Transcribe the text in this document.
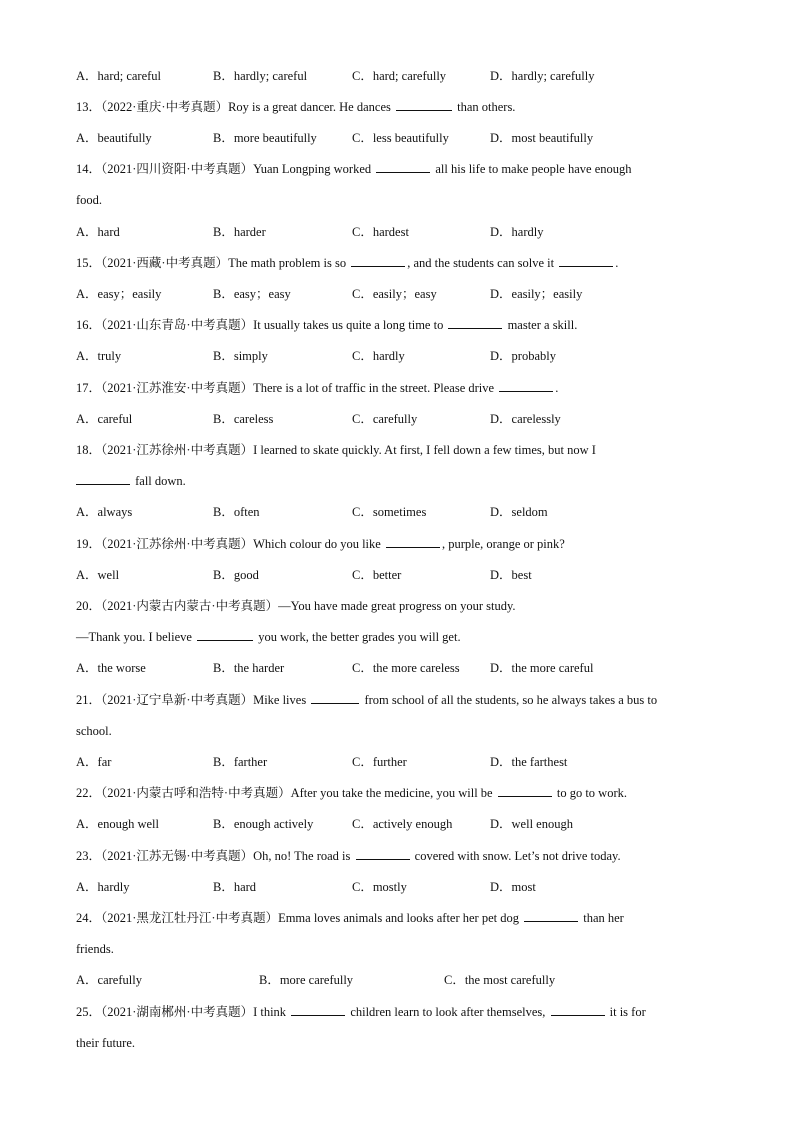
A．hard; careful	B．hardly; careful	C．hard; carefully	D．hardly; carefully
13．（2022·重庆·中考真题）Roy is a great dancer. He dances	than others.
A．beautifully	B．more beautifully	C．less beautifully	D．most beautifully
14．（2021·四川资阳·中考真题）Yuan Longping worked	all his life to make people have enough
food.
A．hard	B．harder	C．hardest	D．hardly
15．（2021·西藏·中考真题）The math problem is so	, and the students can solve it	.
A．easy；easily	B．easy；easy	C．easily；easy	D．easily；easily
16．（2021·山东青岛·中考真题）It usually takes us quite a long time to	master a skill.
A．truly	B．simply	C．hardly	D．probably
17．（2021·江苏淮安·中考真题）There is a lot of traffic in the street. Please drive	.
A．careful	B．careless	C．carefully	D．carelessly
18．（2021·江苏徐州·中考真题）I learned to skate quickly. At first, I fell down a few times, but now I
fall down.
A．always	B．often	C．sometimes	D．seldom
19．（2021·江苏徐州·中考真题）Which colour do you like	, purple, orange or pink?
A．well	B．good	C．better	D．best
20．（2021·内蒙古内蒙古·中考真题）—You have made great progress on your study.
—Thank you. I believe	you work, the better grades you will get.
A．the worse	B．the harder	C．the more careless D．the more careful
21．（2021·辽宁阜新·中考真题）Mike lives	from school of all the students, so he always takes a bus to
school.
A．far	B．farther	C．further	D．the farthest
22．（2021·内蒙古呼和浩特·中考真题）After you take the medicine, you will be	to go to work.
A．enough well	B．enough actively	C．actively enough	D．well enough
23．（2021·江苏无锡·中考真题）Oh, no! The road is	covered with snow. Let’s not drive today.
A．hardly	B．hard	C．mostly	D．most
24．（2021·黑龙江牡丹江·中考真题）Emma loves animals and looks after her pet dog	than her
friends.
A．carefully	B．more carefully	C．the most carefully
25．（2021·湖南郴州·中考真题）I think	children learn to look after themselves,	it is for
their future.
